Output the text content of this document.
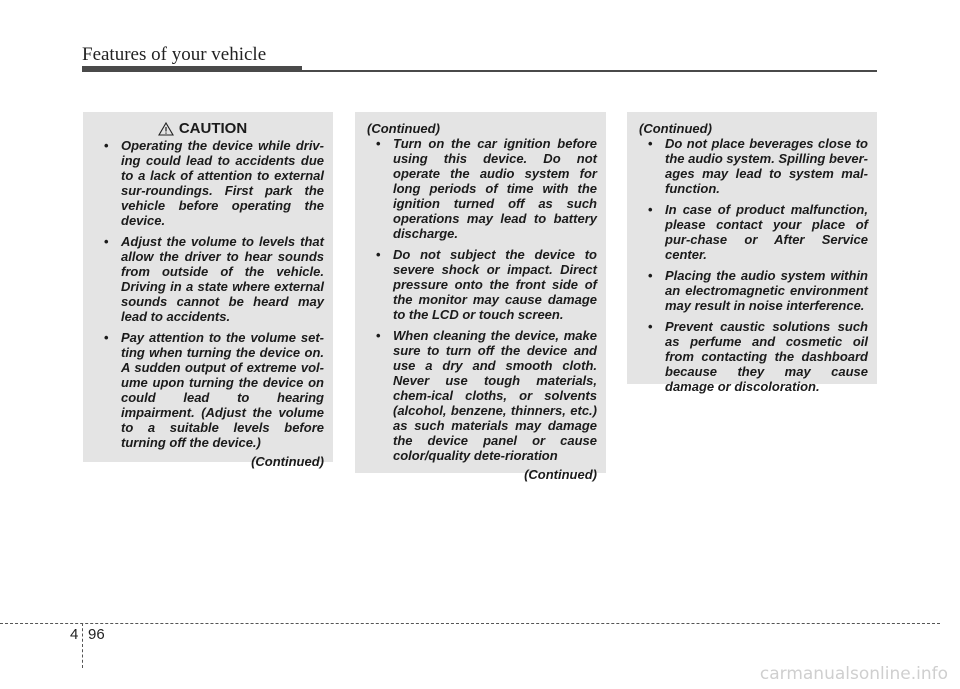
Features of your vehicle
CAUTION
• Operating the device while driv-ing could lead to accidents due to a lack of attention to external sur-roundings. First park the vehicle before operating the device.
• Adjust the volume to levels that allow the driver to hear sounds from outside of the vehicle. Driving in a state where external sounds cannot be heard may lead to accidents.
• Pay attention to the volume set-ting when turning the device on. A sudden output of extreme vol-ume upon turning the device on could lead to hearing impairment. (Adjust the volume to a suitable levels before turning off the device.)
(Continued)
(Continued)
• Turn on the car ignition before using this device. Do not operate the audio system for long periods of time with the ignition turned off as such operations may lead to battery discharge.
• Do not subject the device to severe shock or impact. Direct pressure onto the front side of the monitor may cause damage to the LCD or touch screen.
• When cleaning the device, make sure to turn off the device and use a dry and smooth cloth. Never use tough materials, chem-ical cloths, or solvents (alcohol, benzene, thinners, etc.) as such materials may damage the device panel or cause color/quality dete-rioration
(Continued)
(Continued)
• Do not place beverages close to the audio system. Spilling bever-ages may lead to system mal-function.
• In case of product malfunction, please contact your place of pur-chase or After Service center.
• Placing the audio system within an electromagnetic environment may result in noise interference.
• Prevent caustic solutions such as perfume and cosmetic oil from contacting the dashboard because they may cause damage or discoloration.
4 96
carmanualsonline.info
